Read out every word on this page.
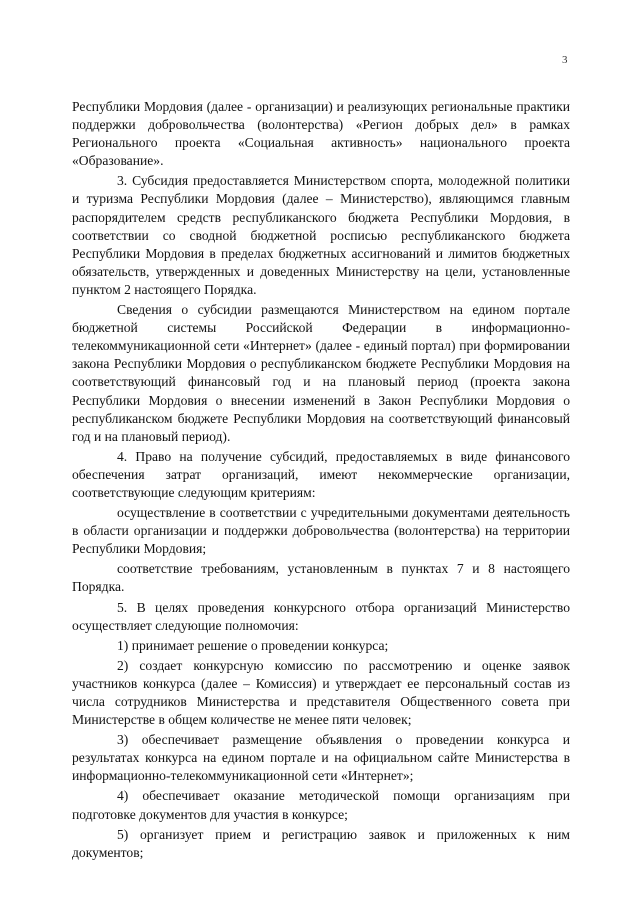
3

Республики Мордовия (далее - организации) и реализующих региональные практики поддержки добровольчества (волонтерства) «Регион добрых дел» в рамках Регионального проекта «Социальная активность» национального проекта «Образование».

3. Субсидия предоставляется Министерством спорта, молодежной политики и туризма Республики Мордовия (далее – Министерство), являющимся главным распорядителем средств республиканского бюджета Республики Мордовия, в соответствии со сводной бюджетной росписью республиканского бюджета Республики Мордовия в пределах бюджетных ассигнований и лимитов бюджетных обязательств, утвержденных и доведенных Министерству на цели, установленные пунктом 2 настоящего Порядка.

Сведения о субсидии размещаются Министерством на едином портале бюджетной системы Российской Федерации в информационно-телекоммуникационной сети «Интернет» (далее - единый портал) при формировании закона Республики Мордовия о республиканском бюджете Республики Мордовия на соответствующий финансовый год и на плановый период (проекта закона Республики Мордовия о внесении изменений в Закон Республики Мордовия о республиканском бюджете Республики Мордовия на соответствующий финансовый год и на плановый период).

4. Право на получение субсидий, предоставляемых в виде финансового обеспечения затрат организаций, имеют некоммерческие организации, соответствующие следующим критериям:

осуществление в соответствии с учредительными документами деятельность в области организации и поддержки добровольчества (волонтерства) на территории Республики Мордовия;

соответствие требованиям, установленным в пунктах 7 и 8 настоящего Порядка.

5. В целях проведения конкурсного отбора организаций Министерство осуществляет следующие полномочия:

1) принимает решение о проведении конкурса;

2) создает конкурсную комиссию по рассмотрению и оценке заявок участников конкурса (далее – Комиссия) и утверждает ее персональный состав из числа сотрудников Министерства и представителя Общественного совета при Министерстве в общем количестве не менее пяти человек;

3) обеспечивает размещение объявления о проведении конкурса и результатах конкурса на едином портале и на официальном сайте Министерства в информационно-телекоммуникационной сети «Интернет»;

4) обеспечивает оказание методической помощи организациям при подготовке документов для участия в конкурсе;

5) организует прием и регистрацию заявок и приложенных к ним документов;
